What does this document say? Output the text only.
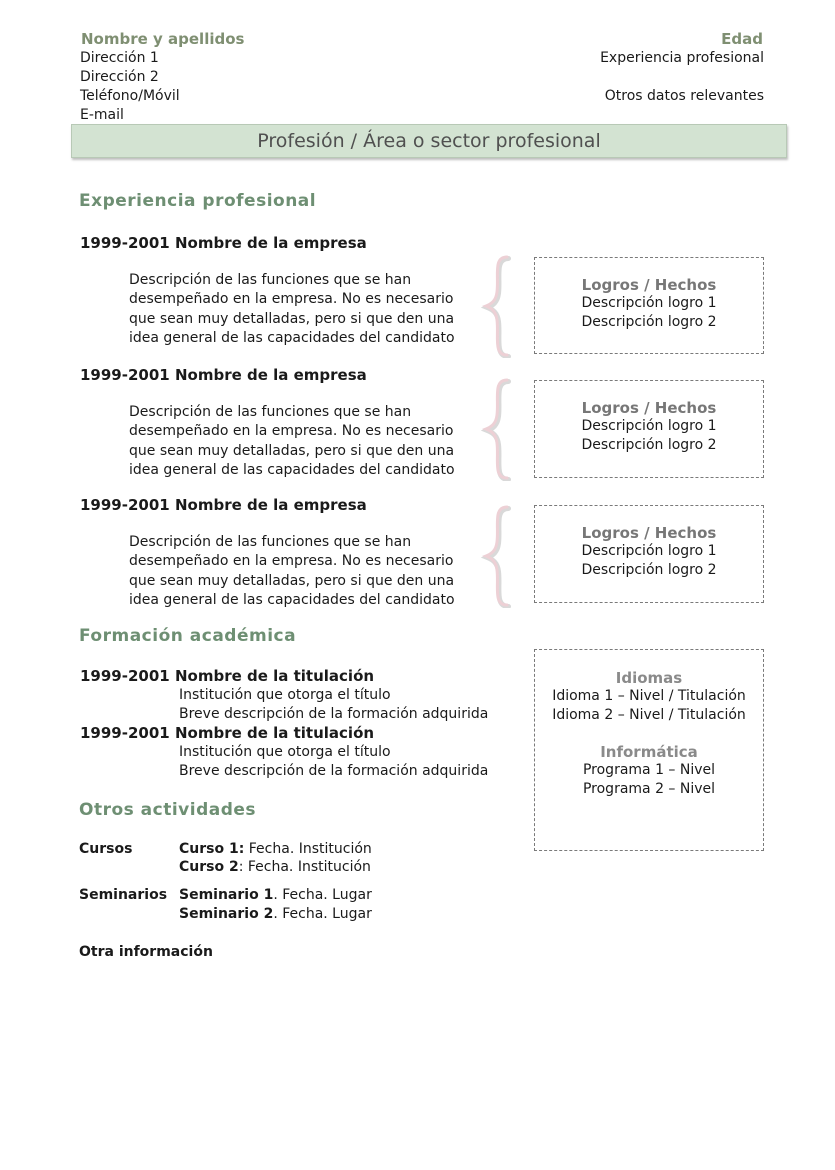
Nombre y apellidos
Dirección 1
Dirección 2
Teléfono/Móvil
E-mail
Edad
Experiencia profesional
Otros datos relevantes
Profesión / Área o sector profesional
Experiencia profesional
1999-2001 Nombre de la empresa
Descripción de las funciones que se han
desempeñado en la empresa. No es necesario
que sean muy detalladas, pero si que den una
idea general de las capacidades del candidato
Logros / Hechos
Descripción logro 1
Descripción logro 2
1999-2001 Nombre de la empresa
Descripción de las funciones que se han
desempeñado en la empresa. No es necesario
que sean muy detalladas, pero si que den una
idea general de las capacidades del candidato
Logros / Hechos
Descripción logro 1
Descripción logro 2
1999-2001 Nombre de la empresa
Descripción de las funciones que se han
desempeñado en la empresa. No es necesario
que sean muy detalladas, pero si que den una
idea general de las capacidades del candidato
Logros / Hechos
Descripción logro 1
Descripción logro 2
Formación académica
1999-2001 Nombre de la titulación
Institución que otorga el título
Breve descripción de la formación adquirida
1999-2001 Nombre de la titulación
Institución que otorga el título
Breve descripción de la formación adquirida
Idiomas
Idioma 1 – Nivel / Titulación
Idioma 2 – Nivel / Titulación
Informática
Programa 1 – Nivel
Programa 2 – Nivel
Otros actividades
Cursos	Curso 1: Fecha. Institución
Curso 2: Fecha. Institución
Seminarios Seminario 1. Fecha. Lugar
Seminario 2. Fecha. Lugar
Otra información
